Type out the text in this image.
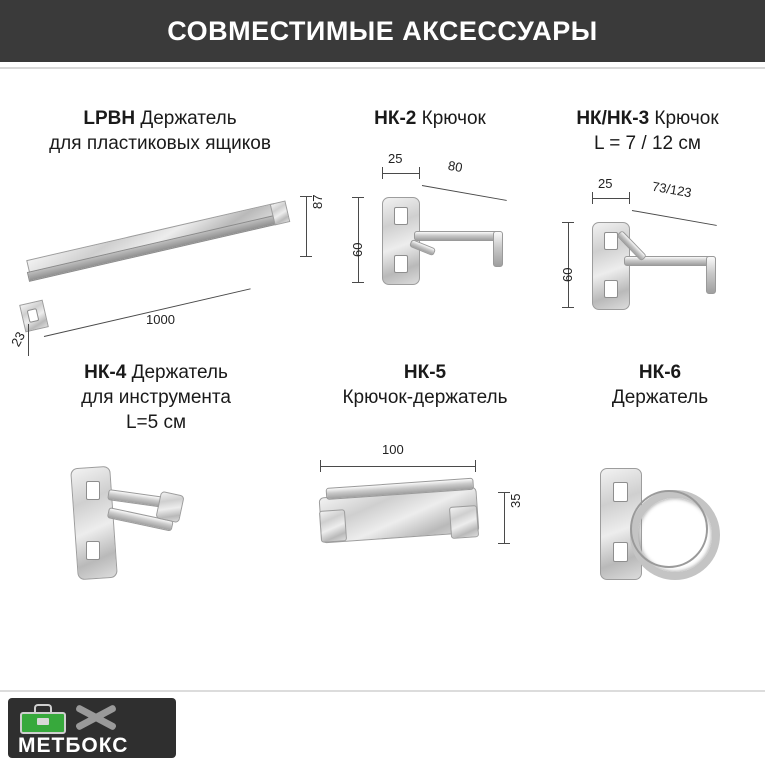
СОВМЕСТИМЫЕ АКСЕССУАРЫ
LPBH Держатель
для пластиковых ящиков
87
1000
23
НК-2 Крючок
25	80
60
НК/НК-3 Крючок
L = 7 / 12 см
25	73/123
60
НК-4 Держатель
для инструмента
L=5 см
НК-5
Крючок-держатель
100
35
НК-6
Держатель
МЕТБОКС
